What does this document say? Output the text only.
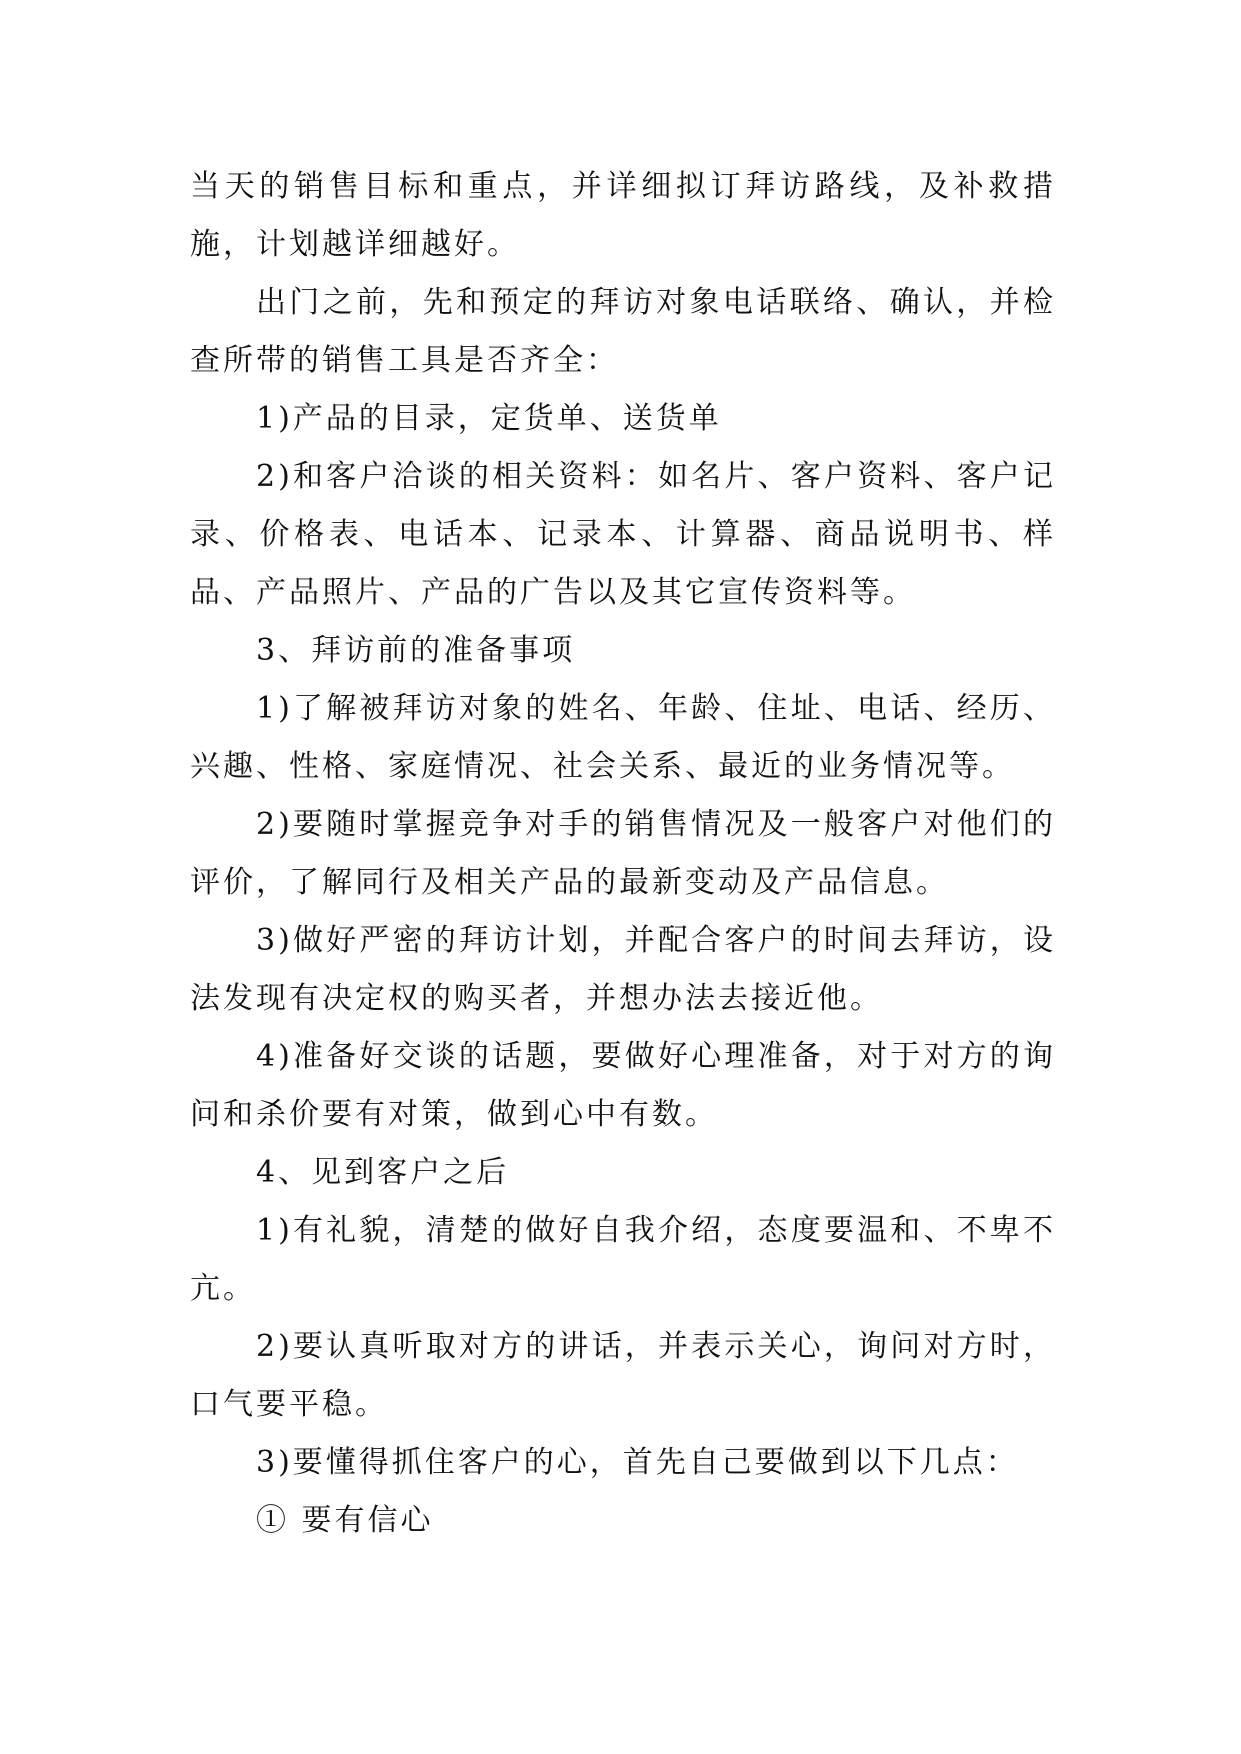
当天的销售目标和重点，并详细拟订拜访路线，及补救措施，计划越详细越好。

出门之前，先和预定的拜访对象电话联络、确认，并检查所带的销售工具是否齐全：

1)产品的目录，定货单、送货单

2)和客户洽谈的相关资料：如名片、客户资料、客户记录、价格表、电话本、记录本、计算器、商品说明书、样品、产品照片、产品的广告以及其它宣传资料等。

3、拜访前的准备事项

1)了解被拜访对象的姓名、年龄、住址、电话、经历、兴趣、性格、家庭情况、社会关系、最近的业务情况等。

2)要随时掌握竞争对手的销售情况及一般客户对他们的评价，了解同行及相关产品的最新变动及产品信息。

3)做好严密的拜访计划，并配合客户的时间去拜访，设法发现有决定权的购买者，并想办法去接近他。

4)准备好交谈的话题，要做好心理准备，对于对方的询问和杀价要有对策，做到心中有数。

4、见到客户之后

1)有礼貌，清楚的做好自我介绍，态度要温和、不卑不亢。

2)要认真听取对方的讲话，并表示关心，询问对方时，口气要平稳。

3)要懂得抓住客户的心，首先自己要做到以下几点：

① 要有信心
